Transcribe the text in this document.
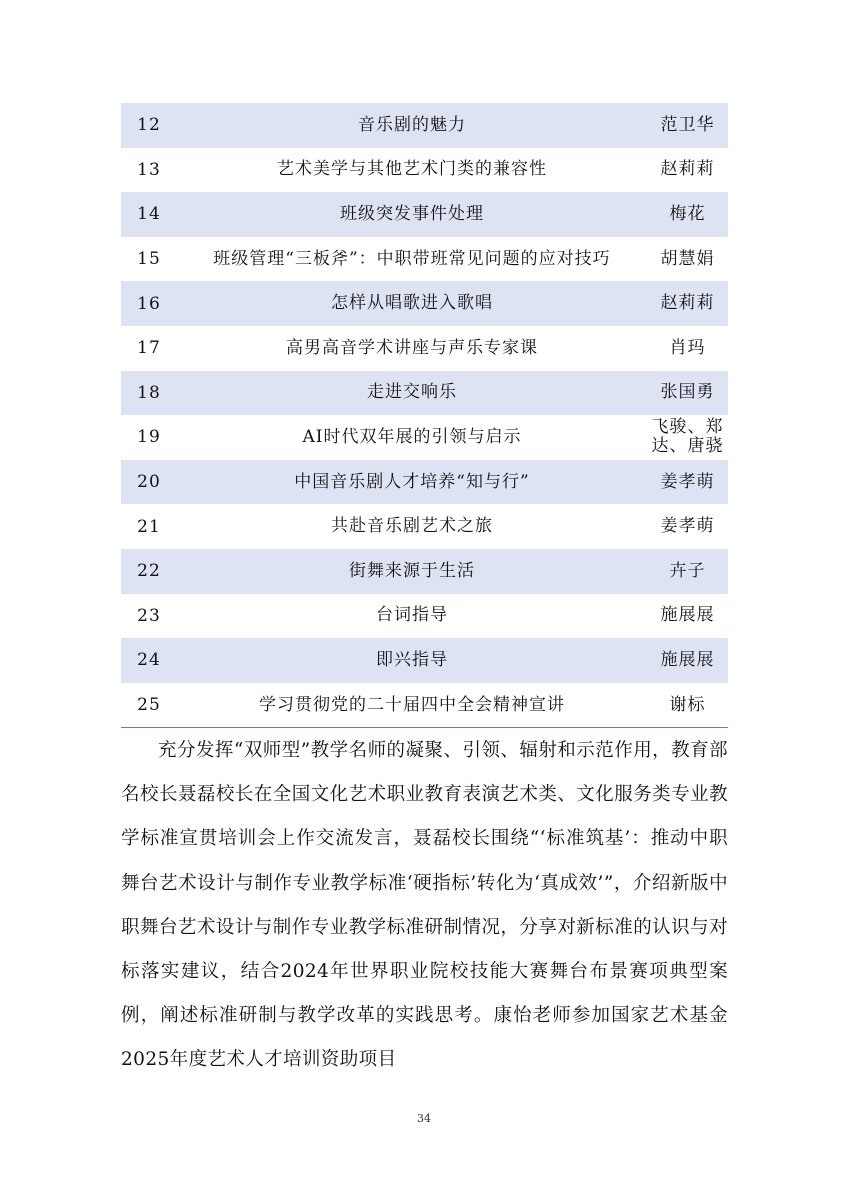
12	音乐剧的魅力	范卫华
13	艺术美学与其他艺术门类的兼容性	赵莉莉
14	班级突发事件处理	梅花
15	班级管理“三板斧”：中职带班常见问题的应对技巧	胡慧娟
16	怎样从唱歌进入歌唱	赵莉莉
17	高男高音学术讲座与声乐专家课	肖玛
18	走进交响乐	张国勇
19	AI时代双年展的引领与启示	飞骏、郑达、唐骁
20	中国音乐剧人才培养“知与行”	姜孝萌
21	共赴音乐剧艺术之旅	姜孝萌
22	街舞来源于生活	卉子
23	台词指导	施展展
24	即兴指导	施展展
25	学习贯彻党的二十届四中全会精神宣讲	谢标

充分发挥“双师型”教学名师的凝聚、引领、辐射和示范作用，教育部名校长聂磊校长在全国文化艺术职业教育表演艺术类、文化服务类专业教学标准宣贯培训会上作交流发言，聂磊校长围绕“‘标准筑基’：推动中职舞台艺术设计与制作专业教学标准‘硬指标’转化为‘真成效’”，介绍新版中职舞台艺术设计与制作专业教学标准研制情况，分享对新标准的认识与对标落实建议，结合2024年世界职业院校技能大赛舞台布景赛项典型案例，阐述标准研制与教学改革的实践思考。康怡老师参加国家艺术基金2025年度艺术人才培训资助项目

34
